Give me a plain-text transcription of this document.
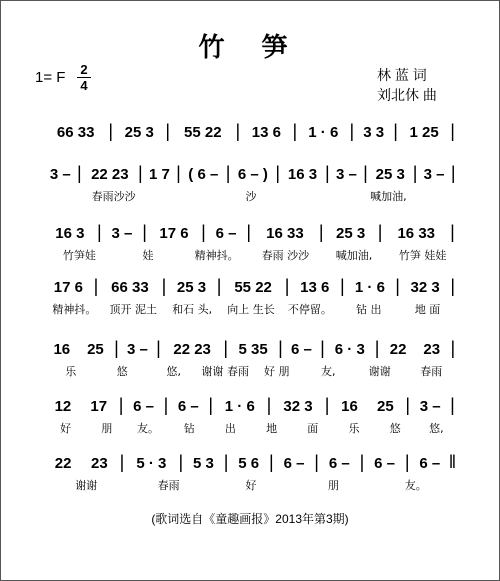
竹 笋
1= F 2
4
林 蓝 词
刘北休 曲
66 33 | 25 3 | 55 22 | 13 6 | 1 · 6 | 3 3 | 1 25 |
3 – | 22 23 | 1 7 | ( 6 – | 6 – ) | 16 3 | 3 – | 25 3 | 3 – |
春雨沙沙	沙	喊加油,
16 3 | 3 – | 17 6 | 6 – | 16 33 | 25 3 | 16 33 |
竹笋娃	娃	精神抖。 春雨 沙沙 喊加油, 竹笋 娃娃
17 6 | 66 33 | 25 3 | 55 22 | 13 6 | 1 · 6 | 32 3 |
精神抖。 顶开 泥土 和石 头, 向上 生长 不停留。 钻 出	地 面
16 25 | 3 – | 22 23 | 5 35 | 6 – | 6 · 3 | 22 23 |
乐	悠	悠, 谢谢 春雨 好 朋	友,	谢谢	春雨
12 17 | 6 – | 6 – | 1 · 6 | 32 3 | 16 25 | 3 – |
好	朋 友。 钻	出	地	面	乐	悠	悠,
22 23 | 5 · 3 | 5 3 | 5 6 | 6 – | 6 – | 6 – | 6 – ‖
谢谢	春雨	好	朋	友。
(歌词选自《童趣画报》2013年第3期)
